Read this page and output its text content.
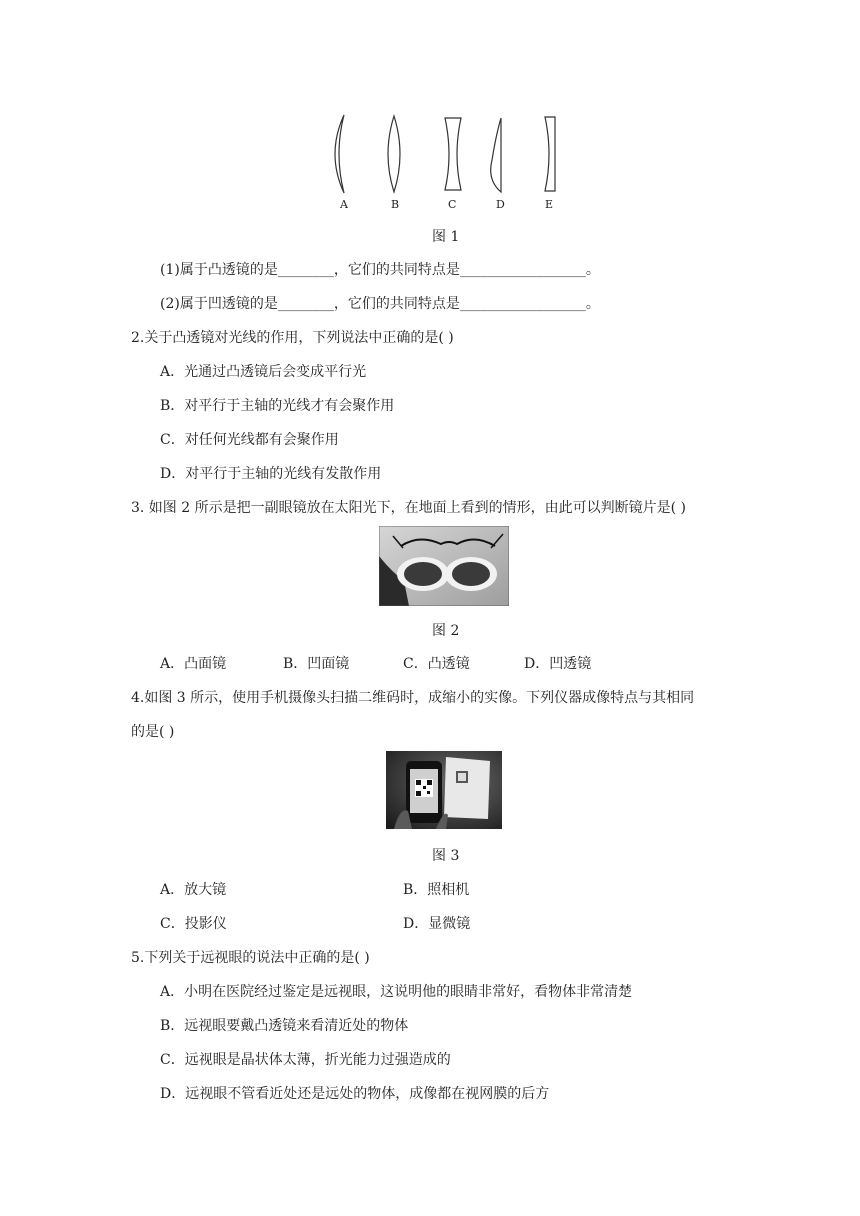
A	B	C	D	E
图 1
(1)属于凸透镜的是________，它们的共同特点是__________________。
(2)属于凹透镜的是________，它们的共同特点是__________________。
2.关于凸透镜对光线的作用，下列说法中正确的是( )
A．光通过凸透镜后会变成平行光
B．对平行于主轴的光线才有会聚作用
C．对任何光线都有会聚作用
D．对平行于主轴的光线有发散作用
3. 如图 2 所示是把一副眼镜放在太阳光下，在地面上看到的情形，由此可以判断镜片是( )
图 2
A．凸面镜	B．凹面镜	C．凸透镜	D．凹透镜
4.如图 3 所示，使用手机摄像头扫描二维码时，成缩小的实像。下列仪器成像特点与其相同
的是( )
图 3
A．放大镜	B．照相机
C．投影仪	D．显微镜
5.下列关于远视眼的说法中正确的是( )
A．小明在医院经过鉴定是远视眼，这说明他的眼睛非常好，看物体非常清楚
B．远视眼要戴凸透镜来看清近处的物体
C．远视眼是晶状体太薄，折光能力过强造成的
D．远视眼不管看近处还是远处的物体，成像都在视网膜的后方
